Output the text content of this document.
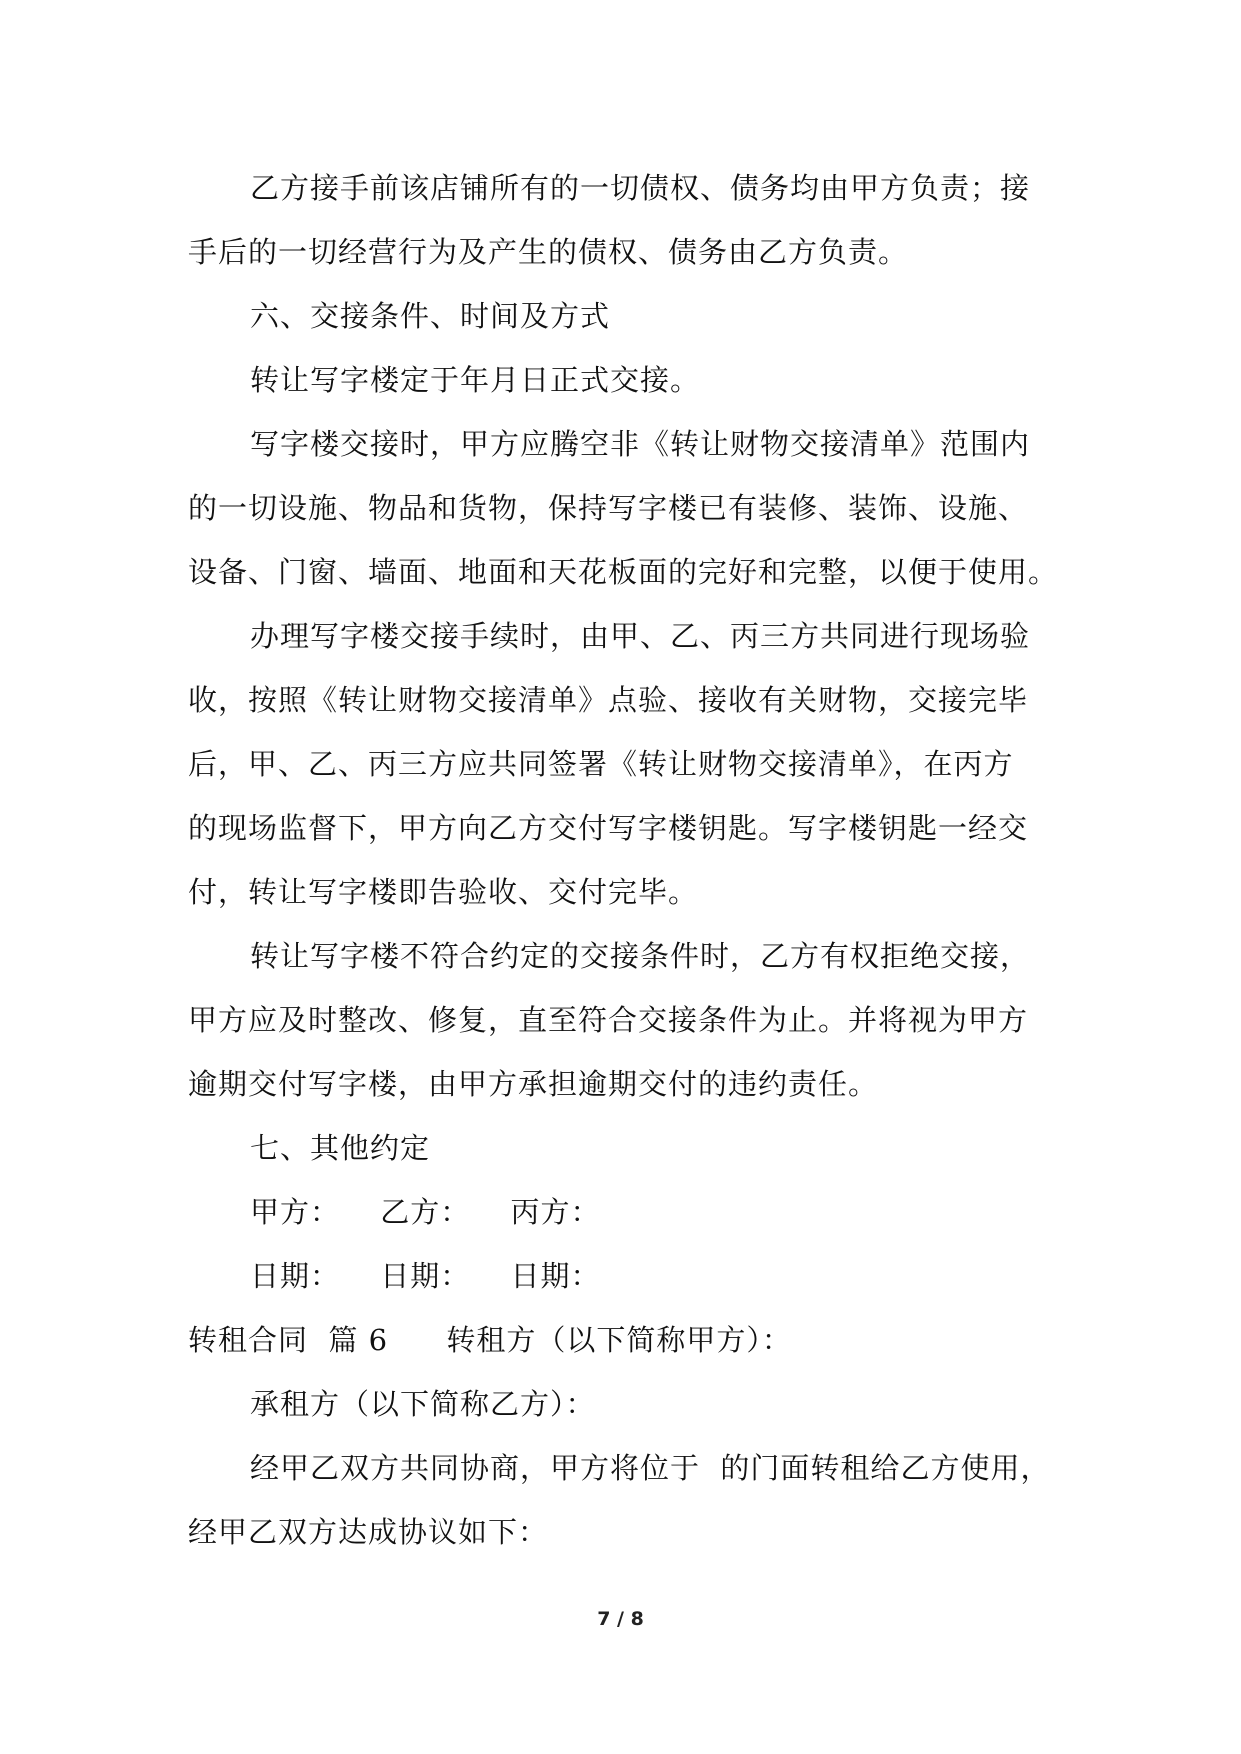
乙方接手前该店铺所有的一切债权、债务均由甲方负责；接
手后的一切经营行为及产生的债权、债务由乙方负责。
六、交接条件、时间及方式
转让写字楼定于年月日正式交接。
写字楼交接时，甲方应腾空非《转让财物交接清单》范围内
的一切设施、物品和货物，保持写字楼已有装修、装饰、设施、
设备、门窗、墙面、地面和天花板面的完好和完整，以便于使用。
办理写字楼交接手续时，由甲、乙、丙三方共同进行现场验
收，按照《转让财物交接清单》点验、接收有关财物，交接完毕
后，甲、乙、丙三方应共同签署《转让财物交接清单》，在丙方
的现场监督下，甲方向乙方交付写字楼钥匙。写字楼钥匙一经交
付，转让写字楼即告验收、交付完毕。
转让写字楼不符合约定的交接条件时，乙方有权拒绝交接，
甲方应及时整改、修复，直至符合交接条件为止。并将视为甲方
逾期交付写字楼，由甲方承担逾期交付的违约责任。
七、其他约定
甲方： 乙方： 丙方：
日期： 日期： 日期：
转租合同  篇 6 转租方（以下简称甲方）：
承租方（以下简称乙方）：
经甲乙双方共同协商，甲方将位于  的门面转租给乙方使用，
经甲乙双方达成协议如下：
7 / 8
